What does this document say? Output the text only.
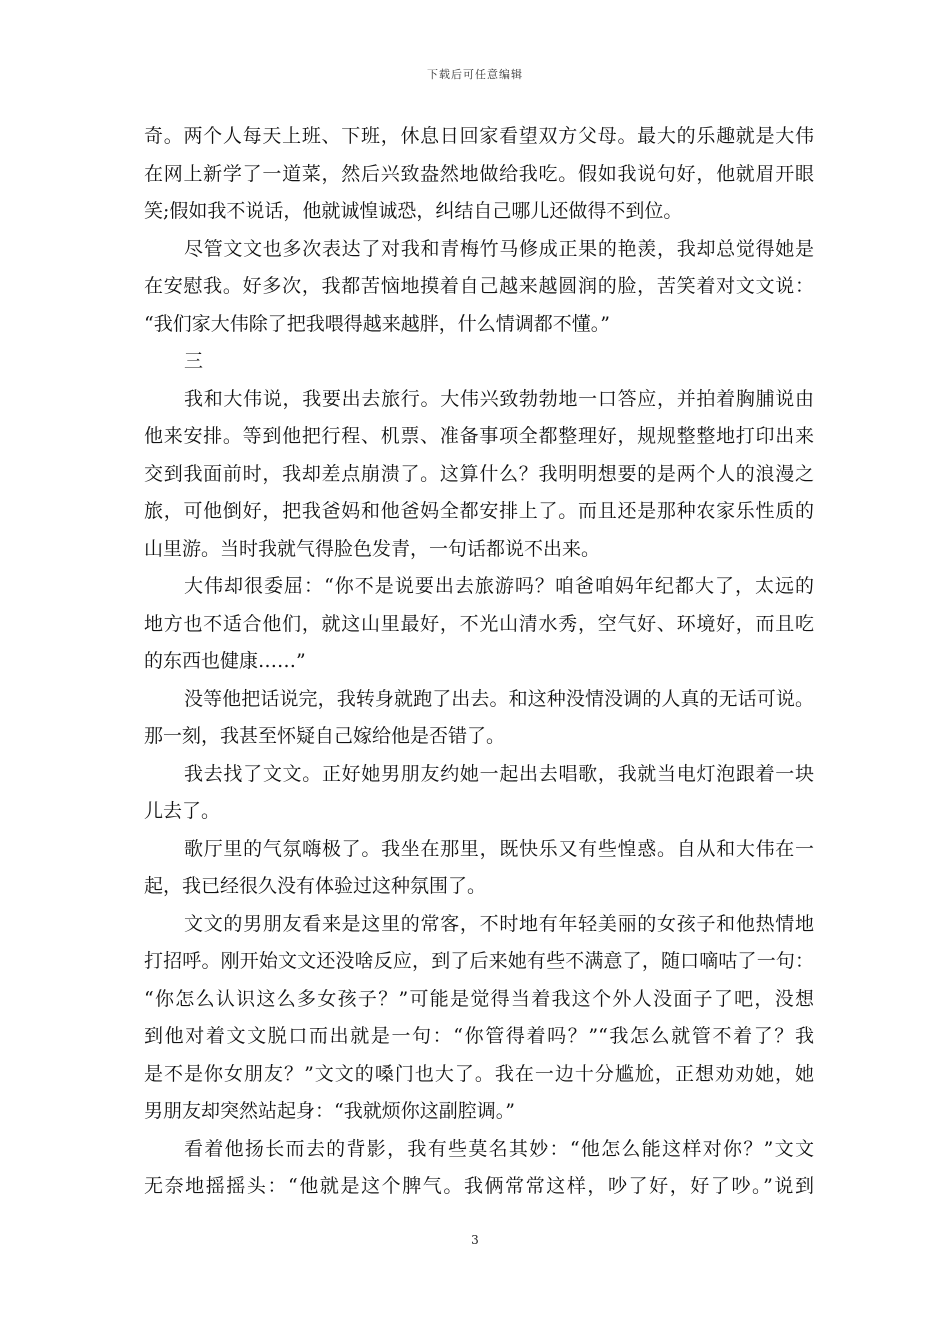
下载后可任意编辑
奇。两个人每天上班、下班，休息日回家看望双方父母。最大的乐趣就是大伟
在网上新学了一道菜，然后兴致盎然地做给我吃。假如我说句好，他就眉开眼
笑;假如我不说话，他就诚惶诚恐，纠结自己哪儿还做得不到位。
尽管文文也多次表达了对我和青梅竹马修成正果的艳羡，我却总觉得她是
在安慰我。好多次，我都苦恼地摸着自己越来越圆润的脸，苦笑着对文文说：
“我们家大伟除了把我喂得越来越胖，什么情调都不懂。”
三
我和大伟说，我要出去旅行。大伟兴致勃勃地一口答应，并拍着胸脯说由
他来安排。等到他把行程、机票、准备事项全都整理好，规规整整地打印出来
交到我面前时，我却差点崩溃了。这算什么？我明明想要的是两个人的浪漫之
旅，可他倒好，把我爸妈和他爸妈全都安排上了。而且还是那种农家乐性质的
山里游。当时我就气得脸色发青，一句话都说不出来。
大伟却很委屈：“你不是说要出去旅游吗？咱爸咱妈年纪都大了，太远的
地方也不适合他们，就这山里最好，不光山清水秀，空气好、环境好，而且吃
的东西也健康……”
没等他把话说完，我转身就跑了出去。和这种没情没调的人真的无话可说。
那一刻，我甚至怀疑自己嫁给他是否错了。
我去找了文文。正好她男朋友约她一起出去唱歌，我就当电灯泡跟着一块
儿去了。
歌厅里的气氛嗨极了。我坐在那里，既快乐又有些惶惑。自从和大伟在一
起，我已经很久没有体验过这种氛围了。
文文的男朋友看来是这里的常客，不时地有年轻美丽的女孩子和他热情地
打招呼。刚开始文文还没啥反应，到了后来她有些不满意了，随口嘀咕了一句：
“你怎么认识这么多女孩子？”可能是觉得当着我这个外人没面子了吧，没想
到他对着文文脱口而出就是一句：“你管得着吗？”“我怎么就管不着了？我
是不是你女朋友？”文文的嗓门也大了。我在一边十分尴尬，正想劝劝她，她
男朋友却突然站起身：“我就烦你这副腔调。”
看着他扬长而去的背影，我有些莫名其妙：“他怎么能这样对你？”文文
无奈地摇摇头：“他就是这个脾气。我俩常常这样，吵了好，好了吵。”说到
3
